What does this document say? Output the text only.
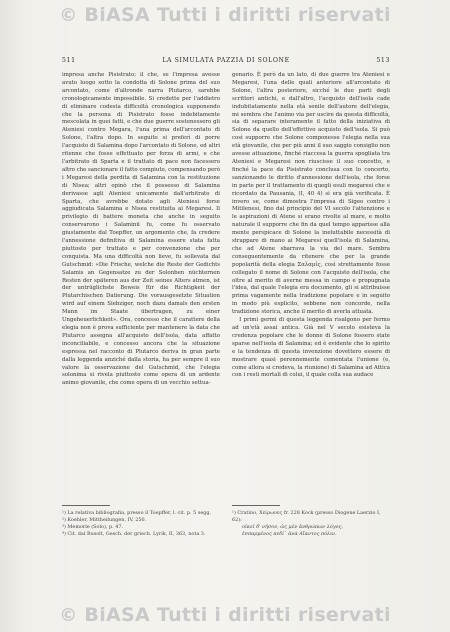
© BiASA Tutti i diritti riservati
511	LA SIMULATA PAZZIA DI SOLONE	513
impresa anche Pisistrato; il che, se l'impresa avesse avuto luogo sotto la condotta di Solone prima del suo arcontato, come d'altronde narra Plutarco, sarebbe cronologicamente impossibile. Si credette per l'addietro di eliminare codesta difficoltà cronologica supponendo che la persona di Pisistrato fosse indebitamente mescolata in quei fatti, e che due guerre sostenessero gli Ateniesi contro Megara, l'una prima dell'arcontato di Solone, l'altra dopo. In seguito si preferì di porre l'acquisto di Salamina dopo l'arcontato di Solone, ed altri ritenne che fosse effettuato per forza di armi, e che l'arbitrato di Sparta e il trattato di pace non facessero altro che sancionare il fatto compiuto, compensando però i Megaresi della perdita di Salamina con la restituzione di Nisea; altri opinò che il possesso di Salamina derivasse agli Ateniesi unicamente dall'arbitrato di Sparta, che avrebbe dotato agli Ateniesi forse aggiudicata Salamina e Nisea restituita ai Megaresi. Il privilegio di battere moneta che anche in seguito conservarono i Salaminii fu, come fu osservato giustamente dal Toepffer, un argomento che, fa credere l'annessione definitiva di Salamina essere stata fatta piuttosto per trattato e per convenzione che per conquista. Ma una difficoltà non lieve, fu sollevata dal Gutschmid: «Die Frische, welche die Reste der Gedichts Salamis an Gegensatze zu der Solonben nüchternen Resten der späteren aus der Zeit seines Alters atmen, ist der untrüglichste Beweis für die Richtigkeit der Plutarchischen Datierung. Die vorausgesetzte Situation wird auf einem Siebziger, noch dazu damals den ersten Mann im Staate übertragen, zu einer Ungeheuerlichkeit». Ora, concesso che il carattere della elegia non è prova sufficiente per mantenere la data che Plutarco assegna all'acquisto dell'isola, data affatto inconciliabile, e concesso ancora che la situazione espressa nel racconto di Plutarco deriva in gran parte dalla leggenda anziché dalla storia, ha per sempre il suo valore la osservazione del Gutschmid, che l'elegia solonima si rivela piuttosto come opera di un ardente animo giovanile, che come opera di un vecchio settua-
genario. È però da un lato, di due guerre tra Ateniesi e Megaresi, l'una delle quali anteriore all'arcontato di Solone, l'altra posteriore, sicché le due parti degli scrittori antichi, e dall'altro, l'acquisto dell'isola cade indubitatamente nella età senile dell'autore dell'elegia, mi sembra che l'animo via per uscire da questa difficoltà, sia di separare interamente il fatto della iniziativa di Solone da quello dell'effettivo acquisto dell'isola. Si può così supporre che Solone componesse l'elegia nella sua età giovanile, che per più anni il suo saggio consiglio non avesse attuazione, finché riaccesa la guerra spogliata tra Ateniesi e Megaresi non riuscisse il suo concetto, e finché la pace da Pisistrato conclusa con lo concerto, sanzionando le diritto d'annessione dell'isola, che forse in parte per il trattamento di quegli esuli megaresi che e ricordato da Pausania, (I, 40 4) si era già verificata. È invero se, come dimostra l'impresa di Sigeo contro i Mitilenesi, fino dal principio del VI secolo l'attenzione e le aspirazioni di Atene si erano rivolte al mare, e molto naturale il supporre che fin da quel tempo apparisse alla mente perspicace di Solone la ineluttabile necessità di strappare di mano ai Megaresi quell'isola di Salamina, che ad Atene sbarrava la via del mare. Sembra conseguentemente da ritenere che per la grande popolarità della elegia Σαλαμίς, così strettamente fosse collegato il nome di Solone con l'acquisto dell'isola, che oltre al merito di averne messa in campo e propugnata l'idea, dal quale l'elegia era documento, gli si attribuisse prima vagamente nella tradizione popolare e in seguito in modo più esplicito, sebbene non concorde, nella tradizione storica, anche il merito di averla attuata.
I primi germi di questa leggenda risalgono per fermo ad un'età assai antica. Già nel V secolo esisteva la credenza popolare che le donne di Solone fossero state sparse nell'isola di Salamina; ed è evidente che lo spirito e la tendenza di questa invenzione dovettero essere di mostrare quasi perennemente cementata l'unione (e, come allora si credeva, la riunione) di Salamina ad Attica con i resti mortali di colui, il quale colla sua audace
¹) La relativa bibliografia, presso il Toepffer, l. cit. p. 5 segg.
²) Koehler, Mittheilungen, IV, 250.
³) Memorie (Solo), p. 47.
⁴) Cit. dal Busolt, Gesch. der griech. Lyrik, II, 363, nota 3.
¹) Cratino, Χείρωνες fr. 228 Kock (presso Diogene Laerzio I, 62):
οἰκεῖ δ' νῆσον, ὡς μὲν ἀνθρώπων λόγος,
ἐσπαρμένος πεδί᾽ ἀνὰ Αἴαντος πόλιν.
© BiASA Tutti i diritti riservati
